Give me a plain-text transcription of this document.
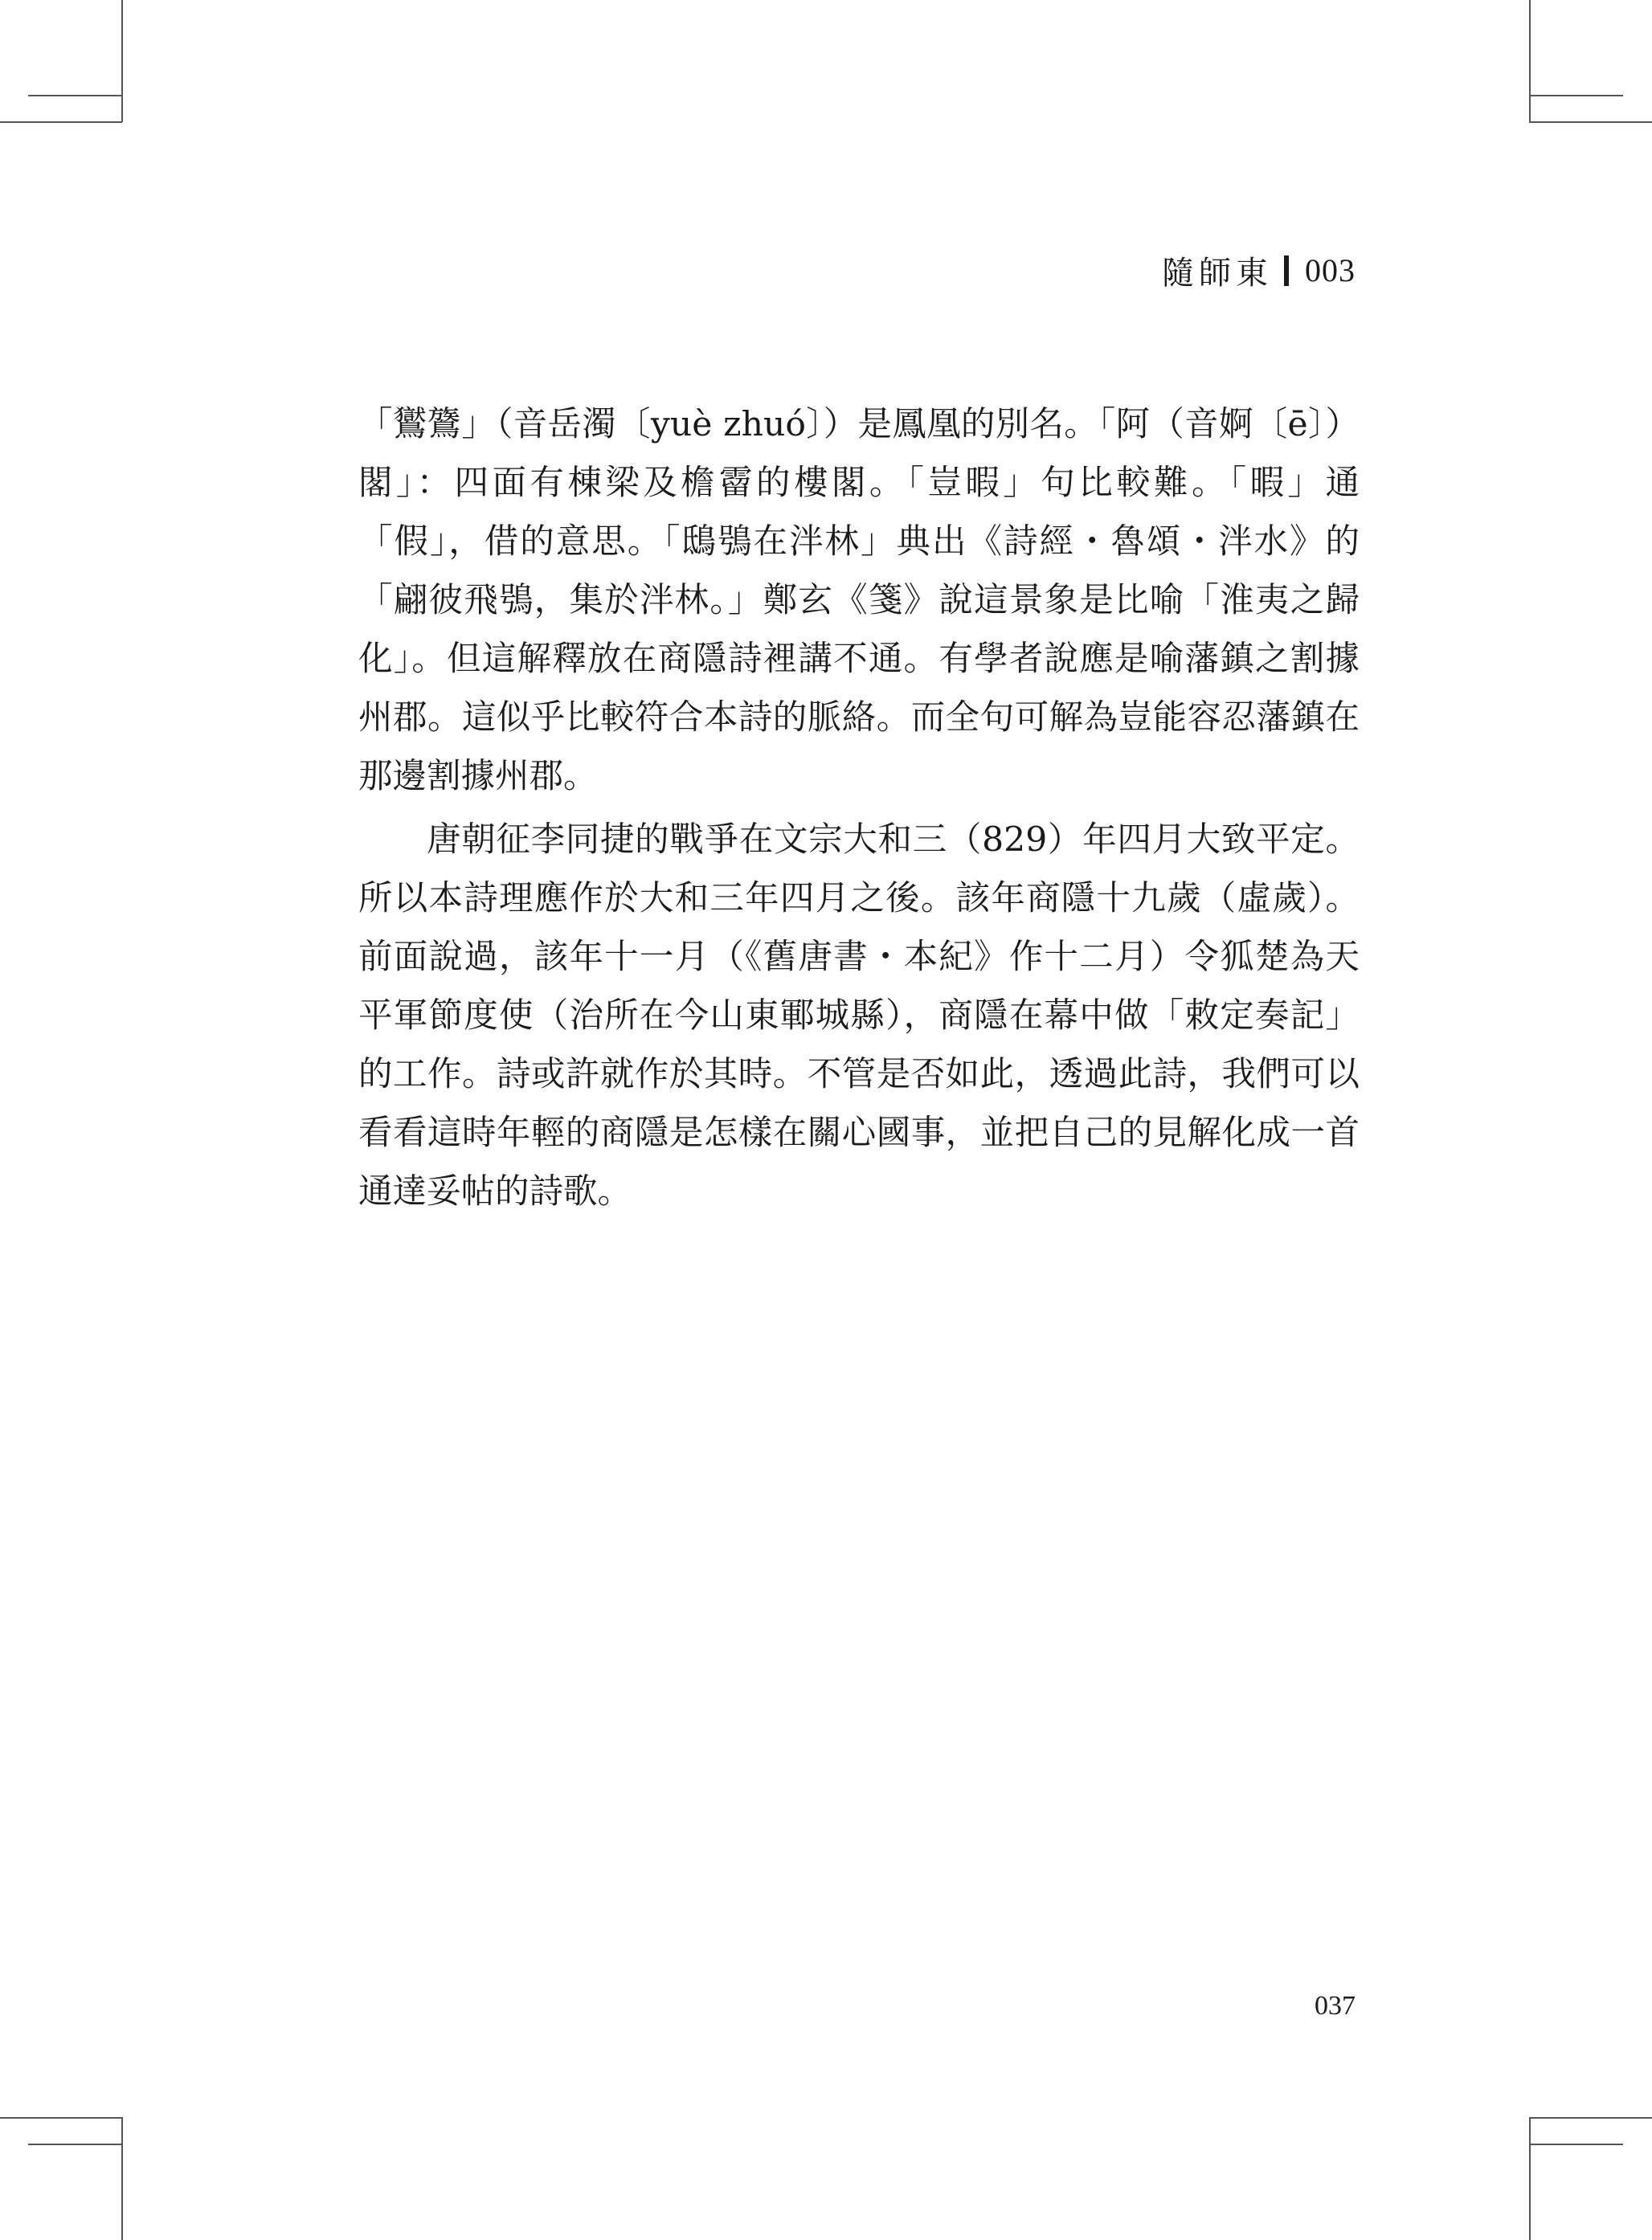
隨師東 003

「鸑鷟」（音岳濁〔yuè zhuó〕）是鳳凰的別名。「阿（音婀〔ē〕）閣」：四面有棟梁及檐霤的樓閣。「豈暇」句比較難。「暇」通「假」，借的意思。「鴟鴞在泮林」典出《詩經・魯頌・泮水》的「翩彼飛鴞，集於泮林。」鄭玄《箋》說這景象是比喻「淮夷之歸化」。但這解釋放在商隱詩裡講不通。有學者說應是喻藩鎮之割據州郡。這似乎比較符合本詩的脈絡。而全句可解為豈能容忍藩鎮在那邊割據州郡。

唐朝征李同捷的戰爭在文宗大和三（829）年四月大致平定。所以本詩理應作於大和三年四月之後。該年商隱十九歲（虛歲）。前面說過，該年十一月（《舊唐書・本紀》作十二月）令狐楚為天平軍節度使（治所在今山東鄆城縣），商隱在幕中做「敕定奏記」的工作。詩或許就作於其時。不管是否如此，透過此詩，我們可以看看這時年輕的商隱是怎樣在關心國事，並把自己的見解化成一首通達妥帖的詩歌。

037
